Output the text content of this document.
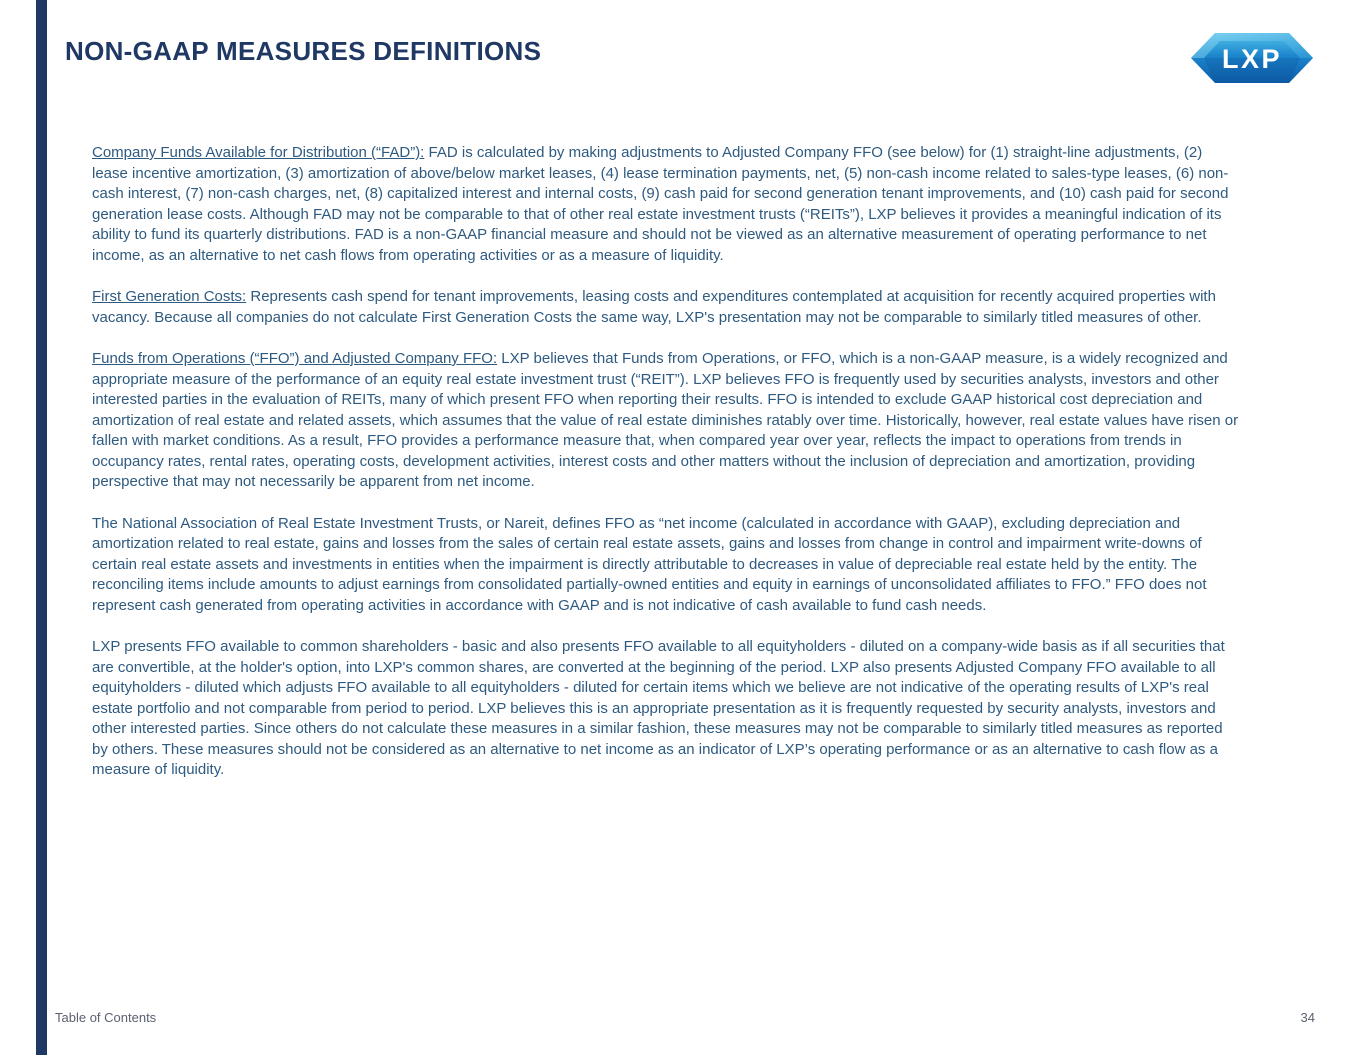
NON-GAAP MEASURES DEFINITIONS	LXP

Company Funds Available for Distribution (“FAD”): FAD is calculated by making adjustments to Adjusted Company FFO (see below) for (1) straight-line adjustments, (2) lease incentive amortization, (3) amortization of above/below market leases, (4) lease termination payments, net, (5) non-cash income related to sales-type leases, (6) non-cash interest, (7) non-cash charges, net, (8) capitalized interest and internal costs, (9) cash paid for second generation tenant improvements, and (10) cash paid for second generation lease costs. Although FAD may not be comparable to that of other real estate investment trusts (“REITs”), LXP believes it provides a meaningful indication of its ability to fund its quarterly distributions. FAD is a non-GAAP financial measure and should not be viewed as an alternative measurement of operating performance to net income, as an alternative to net cash flows from operating activities or as a measure of liquidity.

First Generation Costs: Represents cash spend for tenant improvements, leasing costs and expenditures contemplated at acquisition for recently acquired properties with vacancy. Because all companies do not calculate First Generation Costs the same way, LXP's presentation may not be comparable to similarly titled measures of other.

Funds from Operations (“FFO”) and Adjusted Company FFO: LXP believes that Funds from Operations, or FFO, which is a non-GAAP measure, is a widely recognized and appropriate measure of the performance of an equity real estate investment trust (“REIT”). LXP believes FFO is frequently used by securities analysts, investors and other interested parties in the evaluation of REITs, many of which present FFO when reporting their results. FFO is intended to exclude GAAP historical cost depreciation and amortization of real estate and related assets, which assumes that the value of real estate diminishes ratably over time. Historically, however, real estate values have risen or fallen with market conditions. As a result, FFO provides a performance measure that, when compared year over year, reflects the impact to operations from trends in occupancy rates, rental rates, operating costs, development activities, interest costs and other matters without the inclusion of depreciation and amortization, providing perspective that may not necessarily be apparent from net income.

The National Association of Real Estate Investment Trusts, or Nareit, defines FFO as “net income (calculated in accordance with GAAP), excluding depreciation and amortization related to real estate, gains and losses from the sales of certain real estate assets, gains and losses from change in control and impairment write-downs of certain real estate assets and investments in entities when the impairment is directly attributable to decreases in value of depreciable real estate held by the entity. The reconciling items include amounts to adjust earnings from consolidated partially-owned entities and equity in earnings of unconsolidated affiliates to FFO.” FFO does not represent cash generated from operating activities in accordance with GAAP and is not indicative of cash available to fund cash needs.

LXP presents FFO available to common shareholders - basic and also presents FFO available to all equityholders - diluted on a company-wide basis as if all securities that are convertible, at the holder's option, into LXP's common shares, are converted at the beginning of the period. LXP also presents Adjusted Company FFO available to all equityholders - diluted which adjusts FFO available to all equityholders - diluted for certain items which we believe are not indicative of the operating results of LXP's real estate portfolio and not comparable from period to period. LXP believes this is an appropriate presentation as it is frequently requested by security analysts, investors and other interested parties. Since others do not calculate these measures in a similar fashion, these measures may not be comparable to similarly titled measures as reported by others. These measures should not be considered as an alternative to net income as an indicator of LXP’s operating performance or as an alternative to cash flow as a measure of liquidity.

Table of Contents	34
